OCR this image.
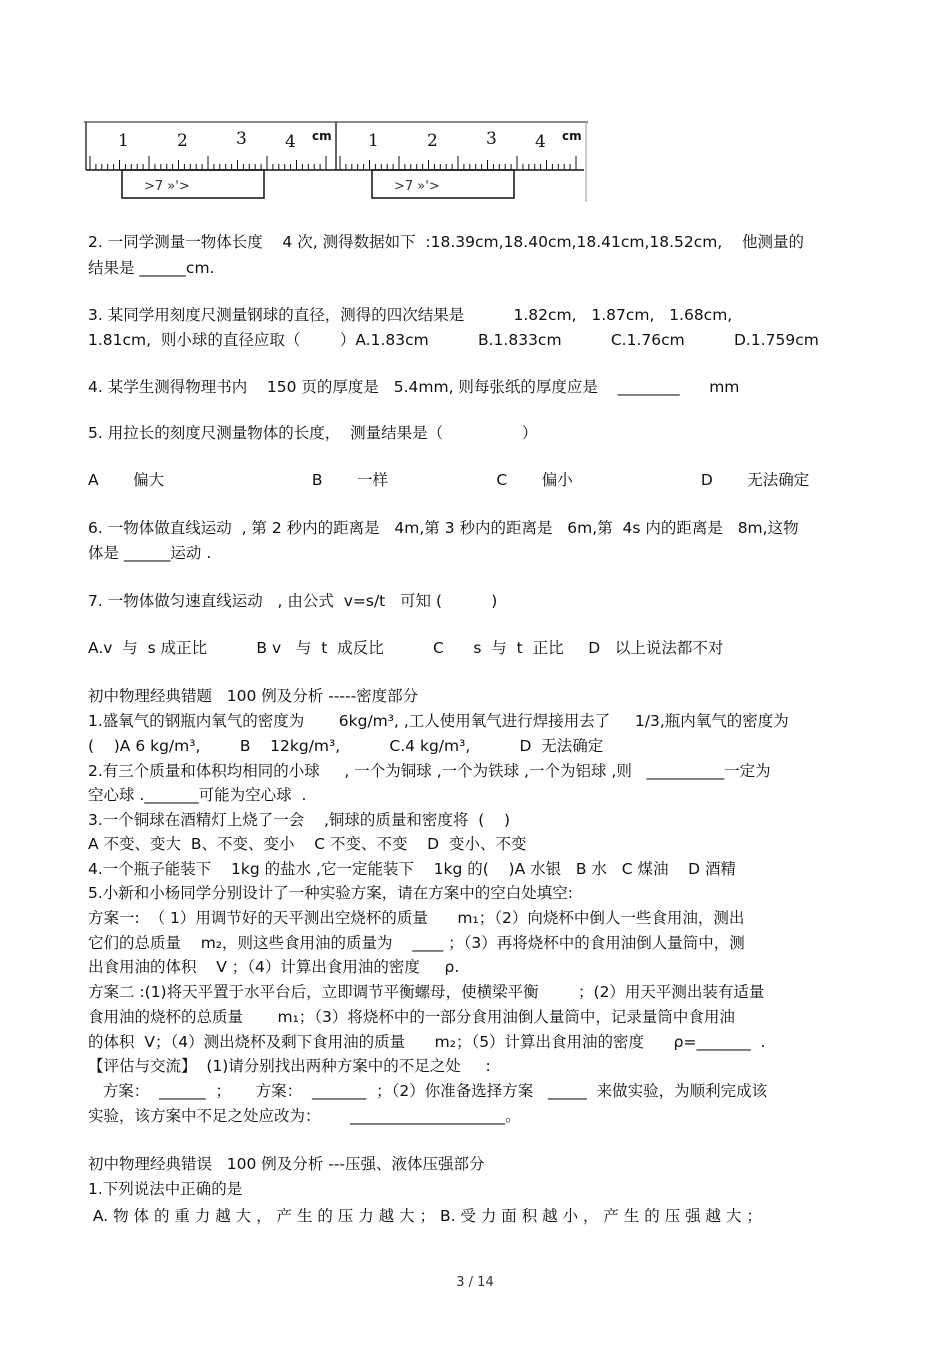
1	2	3 4 cm 1	2	3 4 cm
>7 »'>	>7 »'>
2. 一同学测量一物体长度    4 次, 测得数据如下  :18.39cm,18.40cm,18.41cm,18.52cm,    他测量的
结果是 ______cm.
3. 某同学用刻度尺测量钢球的直径，测得的四次结果是          1.82cm,   1.87cm,   1.68cm,
1.81cm,  则小球的直径应取（        ）A.1.83cm          B.1.833cm          C.1.76cm          D.1.759cm
4. 某学生测得物理书内    150 页的厚度是   5.4mm, 则每张纸的厚度应是    ________      mm
5. 用拉长的刻度尺测量物体的长度，  测量结果是（                ）
A       偏大                              B       一样                      C       偏小                          D       无法确定
6. 一物体做直线运动  , 第 2 秒内的距离是   4m,第 3 秒内的距离是   6m,第  4s 内的距离是   8m,这物
体是 ______运动 .
7. 一物体做匀速直线运动   , 由公式  v=s/t   可知 (          )
A.v  与  s 成正比          B v   与  t  成反比          C      s  与  t  正比     D   以上说法都不对
初中物理经典错题   100 例及分析 -----密度部分
1.盛氧气的钢瓶内氧气的密度为       6kg/m³, ,工人使用氧气进行焊接用去了     1/3,瓶内氧气的密度为
(    )A 6 kg/m³,        B    12kg/m³,          C.4 kg/m³,          D  无法确定
2.有三个质量和体积均相同的小球     , 一个为铜球 ,一个为铁球 ,一个为铝球 ,则   __________一定为
空心球 ._______可能为空心球  .
3.一个铜球在酒精灯上烧了一会    ,铜球的质量和密度将  (    )
A 不变、变大  B、不变、变小    C 不变、不变    D  变小、不变
4.一个瓶子能装下    1kg 的盐水 ,它一定能装下    1kg 的(    )A 水银   B 水   C 煤油    D 酒精
5.小新和小杨同学分别设计了一种实验方案，请在方案中的空白处填空:
方案一:  （ 1）用调节好的天平测出空烧杯的质量      m₁；（2）向烧杯中倒人一些食用油，测出
它们的总质量    m₂，则这些食用油的质量为    ____ ；（3）再将烧杯中的食用油倒人量筒中，测
出食用油的体积    V ；（4）计算出食用油的密度     ρ.
方案二 :(1)将天平置于水平台后，立即调节平衡螺母，使横梁平衡        ；(2）用天平测出装有适量
食用油的烧杯的总质量       m₁；（3）将烧杯中的一部分食用油倒人量筒中，记录量筒中食用油
的体积  V；（4）测出烧杯及剩下食用油的质量      m₂；（5）计算出食用油的密度      ρ=_______  .
【评估与交流】  (1)请分别找出两种方案中的不足之处     :
方案：  ______  ；     方案：  _______  ；（2）你准备选择方案   _____  来做实验，为顺利完成该
实验，该方案中不足之处应改为：      ____________________。
初中物理经典错误   100 例及分析 ---压强、液体压强部分
1.下列说法中正确的是
A. 物 体 的 重 力 越 大 ， 产 生 的 压 力 越 大 ； B. 受 力 面 积 越 小 ， 产 生 的 压 强 越 大 ；
3 / 14
